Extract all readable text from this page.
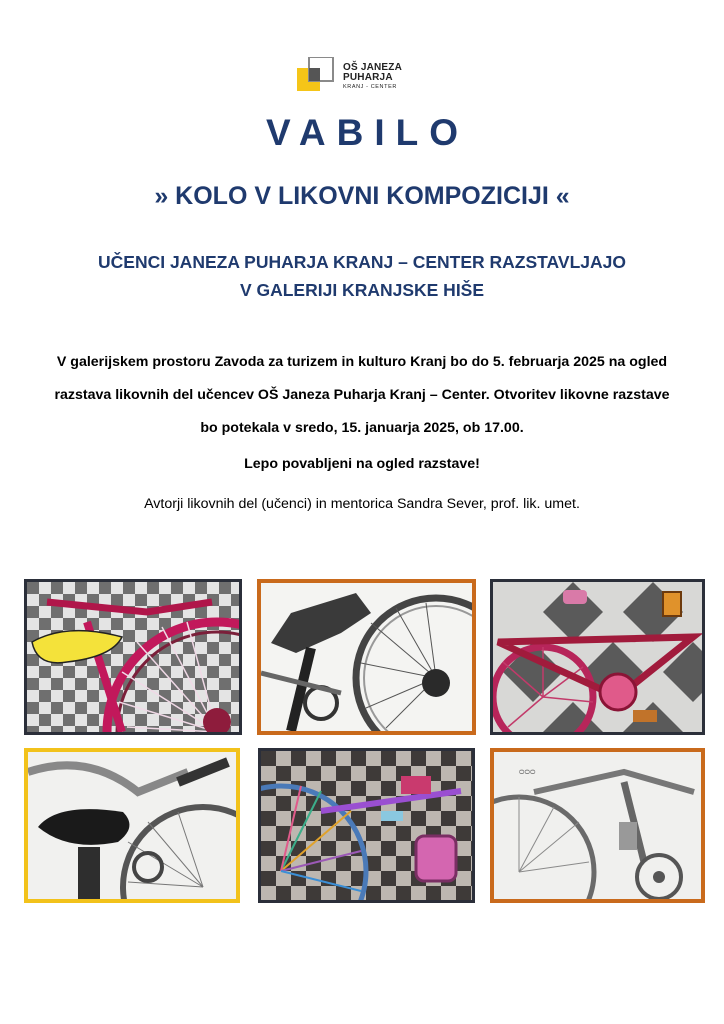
OŠ JANEZA
PUHARJA
KRANJ - CENTER
VABILO
» KOLO V LIKOVNI KOMPOZICIJI «
UČENCI JANEZA PUHARJA KRANJ – CENTER RAZSTAVLJAJO
V GALERIJI KRANJSKE HIŠE
V galerijskem prostoru Zavoda za turizem in kulturo Kranj bo do 5. februarja 2025 na ogled
razstava likovnih del učencev OŠ Janeza Puharja Kranj – Center. Otvoritev likovne razstave
bo potekala v sredo, 15. januarja 2025, ob 17.00.
Lepo povabljeni na ogled razstave!
Avtorji likovnih del (učenci) in mentorica Sandra Sever, prof. lik. umet.
ᴑᴑᴑ
